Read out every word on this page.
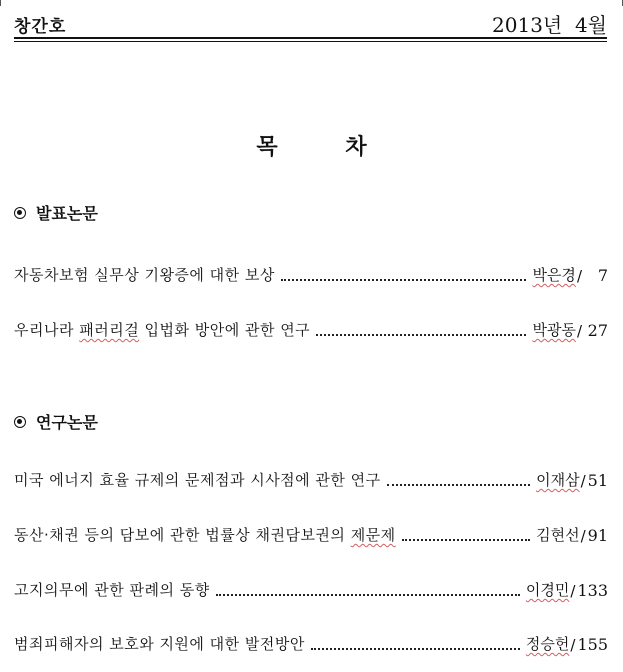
창간호	2013년  4월
목 차
발표논문
자동차보험 실무상 기왕증에 대한 보상	박은경 / 7
우리나라 패러리걸 입법화 방안에 관한 연구	박광동 / 27
연구논문
미국 에너지 효율 규제의 문제점과 시사점에 관한 연구	이재삼 / 51
동산·채권 등의 담보에 관한 법률상 채권담보권의 제문제	김현선 / 91
고지의무에 관한 판례의 동향	이경민 / 133
범죄피해자의 보호와 지원에 대한 발전방안	정승헌 / 155
